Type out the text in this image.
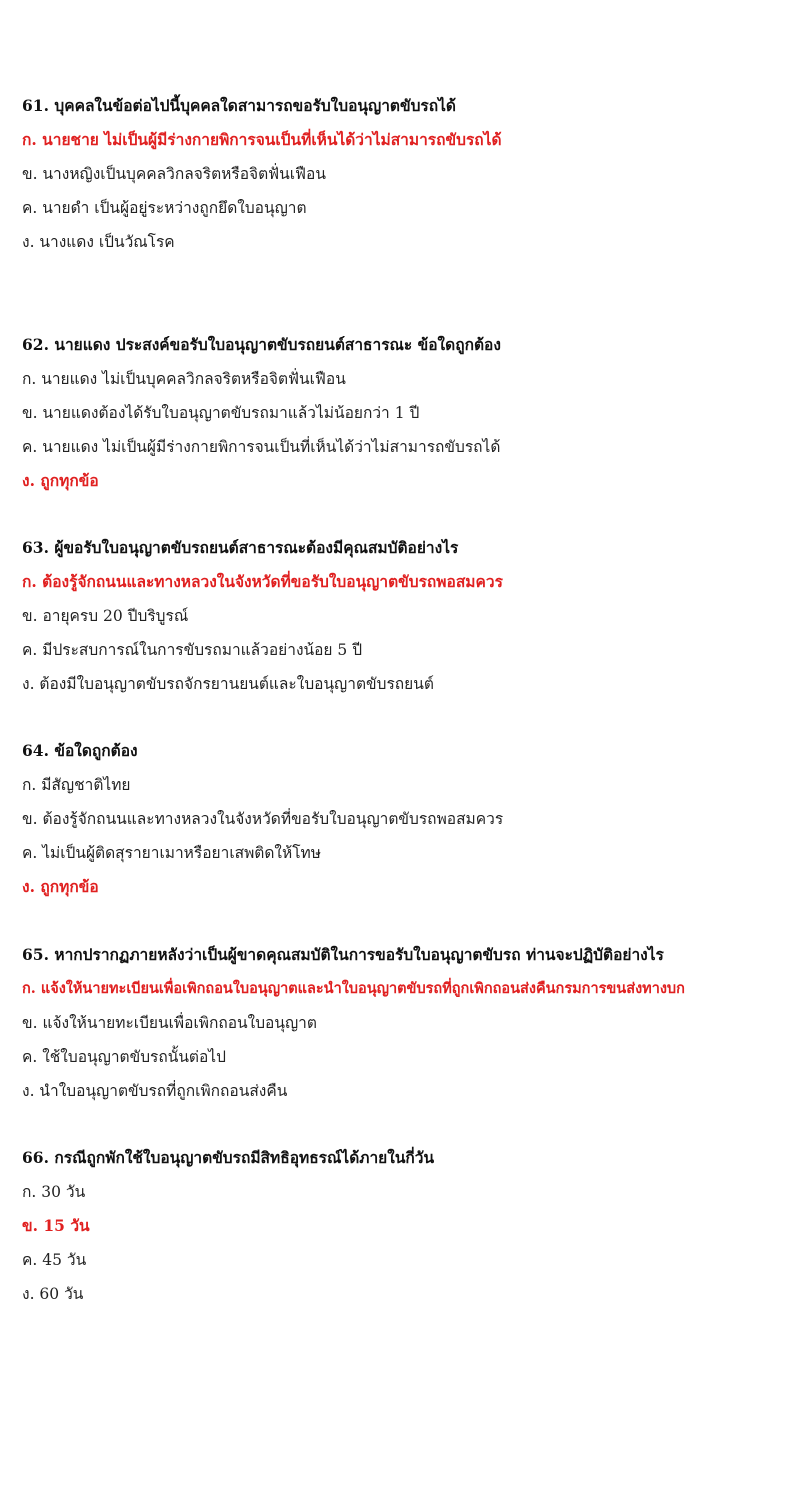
61. บุคคลในข้อต่อไปนี้บุคคลใดสามารถขอรับใบอนุญาตขับรถได้
ก. นายชาย ไม่เป็นผู้มีร่างกายพิการจนเป็นที่เห็นได้ว่าไม่สามารถขับรถได้
ข. นางหญิงเป็นบุคคลวิกลจริตหรือจิตฟั่นเฟือน
ค. นายดำ เป็นผู้อยู่ระหว่างถูกยึดใบอนุญาต
ง. นางแดง เป็นวัณโรค
62. นายแดง ประสงค์ขอรับใบอนุญาตขับรถยนต์สาธารณะ ข้อใดถูกต้อง
ก. นายแดง ไม่เป็นบุคคลวิกลจริตหรือจิตฟั่นเฟือน
ข. นายแดงต้องได้รับใบอนุญาตขับรถมาแล้วไม่น้อยกว่า 1 ปี
ค. นายแดง ไม่เป็นผู้มีร่างกายพิการจนเป็นที่เห็นได้ว่าไม่สามารถขับรถได้
ง. ถูกทุกข้อ
63. ผู้ขอรับใบอนุญาตขับรถยนต์สาธารณะต้องมีคุณสมบัติอย่างไร
ก. ต้องรู้จักถนนและทางหลวงในจังหวัดที่ขอรับใบอนุญาตขับรถพอสมควร
ข. อายุครบ 20 ปีบริบูรณ์
ค. มีประสบการณ์ในการขับรถมาแล้วอย่างน้อย 5 ปี
ง. ต้องมีใบอนุญาตขับรถจักรยานยนต์และใบอนุญาตขับรถยนต์
64. ข้อใดถูกต้อง
ก. มีสัญชาติไทย
ข. ต้องรู้จักถนนและทางหลวงในจังหวัดที่ขอรับใบอนุญาตขับรถพอสมควร
ค. ไม่เป็นผู้ติดสุรายาเมาหรือยาเสพติดให้โทษ
ง. ถูกทุกข้อ
65. หากปรากฏภายหลังว่าเป็นผู้ขาดคุณสมบัติในการขอรับใบอนุญาตขับรถ ท่านจะปฏิบัติอย่างไร
ก. แจ้งให้นายทะเบียนเพื่อเพิกถอนใบอนุญาตและนำใบอนุญาตขับรถที่ถูกเพิกถอนส่งคืนกรมการขนส่งทางบก
ข. แจ้งให้นายทะเบียนเพื่อเพิกถอนใบอนุญาต
ค. ใช้ใบอนุญาตขับรถนั้นต่อไป
ง. นำใบอนุญาตขับรถที่ถูกเพิกถอนส่งคืน
66. กรณีถูกพักใช้ใบอนุญาตขับรถมีสิทธิอุทธรณ์ได้ภายในกี่วัน
ก. 30 วัน
ข. 15 วัน
ค. 45 วัน
ง. 60 วัน
